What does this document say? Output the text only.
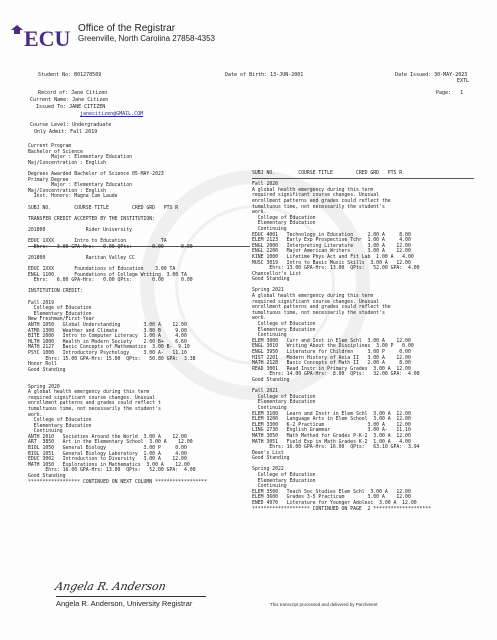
ECU Office of the Registrar
Greenville, North Carolina 27858-4353
Student No: B01278509	Date of Birth: 13-JUN-2001	Date Issued: 30-MAY-2023
EXTL
Record of: Jane Citizen	Page:   1
Current Name: Jane Citizen
Issued To: JANE CITIZEN
janecitizen@GMAIL.COM
Course Level: Undergraduate
Only Admit: Fall 2019
Current Program
Bachelor of Science
Major : Elementary Education
Maj/Concentration : English
Degrees Awarded Bachelor of Science 05-MAY-2023
Primary Degree
Major : Elementary Education
Maj/Concentration : English
Inst. Honors: Magna Cum Laude
SUBJ NO.        COURSE TITLE        CRED GRD   PTS R
TRANSFER CREDIT ACCEPTED BY THE INSTITUTION:
201800              Rider University
EDUC 1XXX       Intro to Education            TA
Ehrs:   3.00 GPA-Hrs:   0.00 QPts:       0.00      0.00
201800              Raritan Valley CC
EDUC 1XXX       Foundations of Education    3.00 TA
ENGL 1100       Foundations of College Writing  3.00 TA
Ehrs:   6.00 GPA-Hrs:   0.00 QPts:       0.00      0.00
INSTITUTION CREDIT:
Fall 2019
College of Education
Elementary Education
New Freshman/First-Year
ANTH 1050   Global Understanding        3.00 A    12.00
ATMO 1300   Weather and Climate         3.00 B     9.00
BITE 2000   Intro to Computer Literacy  1.00 A     4.00
HLTH 1000   Health in Modern Society    2.00 B+    6.60
MATH 2127   Basic Concepts of Mathematics  3.00 B-  9.10
PSYC 1000   Introductory Psychology     3.00 A-   11.10
Ehrs: 15.00 GPA-Hrs: 15.00  QPts:   50.80 GPA:  3.38
Honor Roll
Good Standing
Spring 2020
A global health emergency during this term
required significant course changes. Unusual
enrollment patterns and grades could reflect t
tumultuous time, not necessarily the student's
work.
College of Education
Elementary Education
Continuing
ANTH 2010   Societies Around the World  3.00 A    12.00
ART  3850   Art in the Elementary School  3.00 A    12.00
BIOL 1050   General Biology             3.00 P     0.00
BIOL 1051   General Biology Laboratory  1.00 A     4.00
EDUC 3002   Introduction to Diversity   3.00 A    12.00
MATH 1050   Explorations in Mathematics  3.00 A    12.00
Ehrs: 16.00 GPA-Hrs: 13.00  QPts:   52.00 GPA:  4.00
Good Standing
****************** CONTINUED ON NEXT COLUMN ******************
SUBJ NO.        COURSE TITLE        CRED GRD   PTS R
Fall 2020
A global health emergency during this term
required significant course changes. Unusual
enrollment patterns and grades could reflect the
tumultuous time, not necessarily the student's
work.
College of Education
Elementary Education
Continuing
EDUC 4001   Technology in Education     2.00 A     8.00
ELEM 2123   Early Exp Prospective Tchr  1.00 A     4.00
ENGL 2000   Interpreting Literature     3.00 A    12.00
ENGL 2200   Major American Writers      3.00 A    12.00
KINE 1000   Lifetime Phys Act and Fit Lab  1.00 A   4.00
MUSC 3019   Intro to Basic Music Skills  3.00 A   12.00
Ehrs: 13.00 GPA-Hrs: 13.00  QPts:   52.00 GPA:  4.00
Chancellor's List
Good Standing
Spring 2021
A global health emergency during this term
required significant course changes. Unusual
enrollment patterns and grades could reflect the
tumultuous time, not necessarily the student's
work.
College of Education
Elementary Education
Continuing
ELEM 3000   Curr and Inst in Elem Schl  3.00 A    12.00
ENGL 3010   Writing About the Disciplines  3.00 P   0.00
ENGL 3950   Literature for Children     3.00 P     0.00
HIST 2201   Modern History of Asia II   3.00 A    12.00
MATH 2128   Basic Concepts of Math II   2.00 A     8.00
READ 3001   Read Instr in Primary Grades  3.00 A  12.00
Ehrs: 14.00 GPA-Hrs:  8.00  QPts:   32.00 GPA:  4.00
Good Standing
Fall 2021
College of Education
Elementary Education
Continuing
ELEM 3100   Learn and Instr in Elem Schl  3.00 A  12.00
ELEM 3200   Language Arts in Elem School  3.00 A  12.00
ELEM 3300   K-2 Practicum               3.00 A    12.00
LING 2730   English Grammar             3.00 A-   11.10
MATH 3050   Math Method for Grades P-K-2  3.00 A  12.00
MATH 3051   Field Exp in Math Grades K-2  1.00 A   4.00
Ehrs: 16.00 GPA-Hrs: 16.00  QPts:   63.10 GPA:  3.94
Dean's List
Good Standing
Spring 2022
College of Education
Elementary Education
Continuing
ELEM 3500   Teach Soc Studies Elem Schl  3.00 A   12.00
ELEM 3600   Grades 3-5 Practicum        3.00 A    12.00
ENED 4970   Literature for Younger Adolesc  3.00 A  12.00
******************** CONTINUED ON PAGE  2 ********************
Angela R. Anderson
Angela R. Anderson, University Registrar	This transcript processed and delivered by Parchment
